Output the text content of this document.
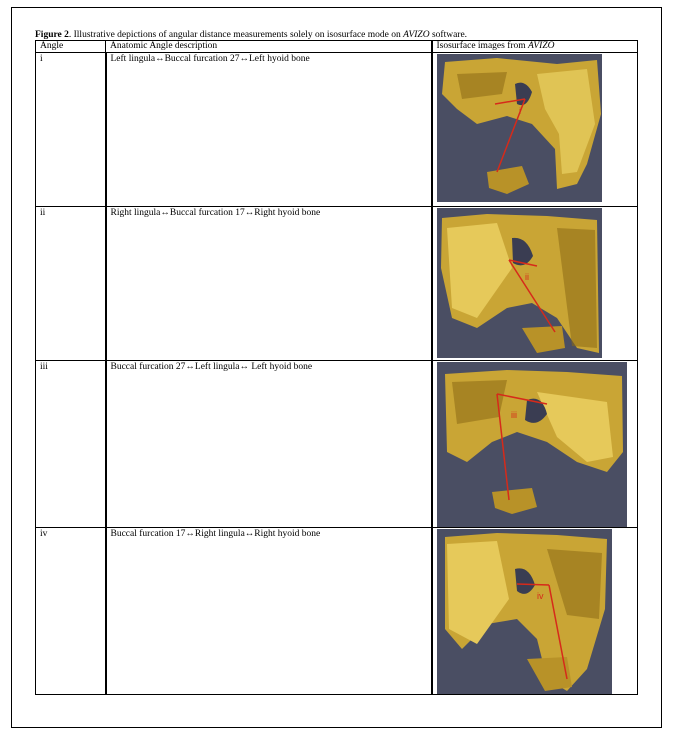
Figure 2. Illustrative depictions of angular distance measurements solely on isosurface mode on AVIZO software.
Angle	Anatomic Angle description	Isosurface images from AVIZO
i	Left lingula↔Buccal furcation 27↔Left hyoid bone	i

ii	Right lingula↔Buccal furcation 17↔Right hyoid bone	ii

iii	Buccal furcation 27↔Left lingula↔ Left hyoid bone	iii

iv	Buccal furcation 17↔Right lingula↔Right hyoid bone	iv
